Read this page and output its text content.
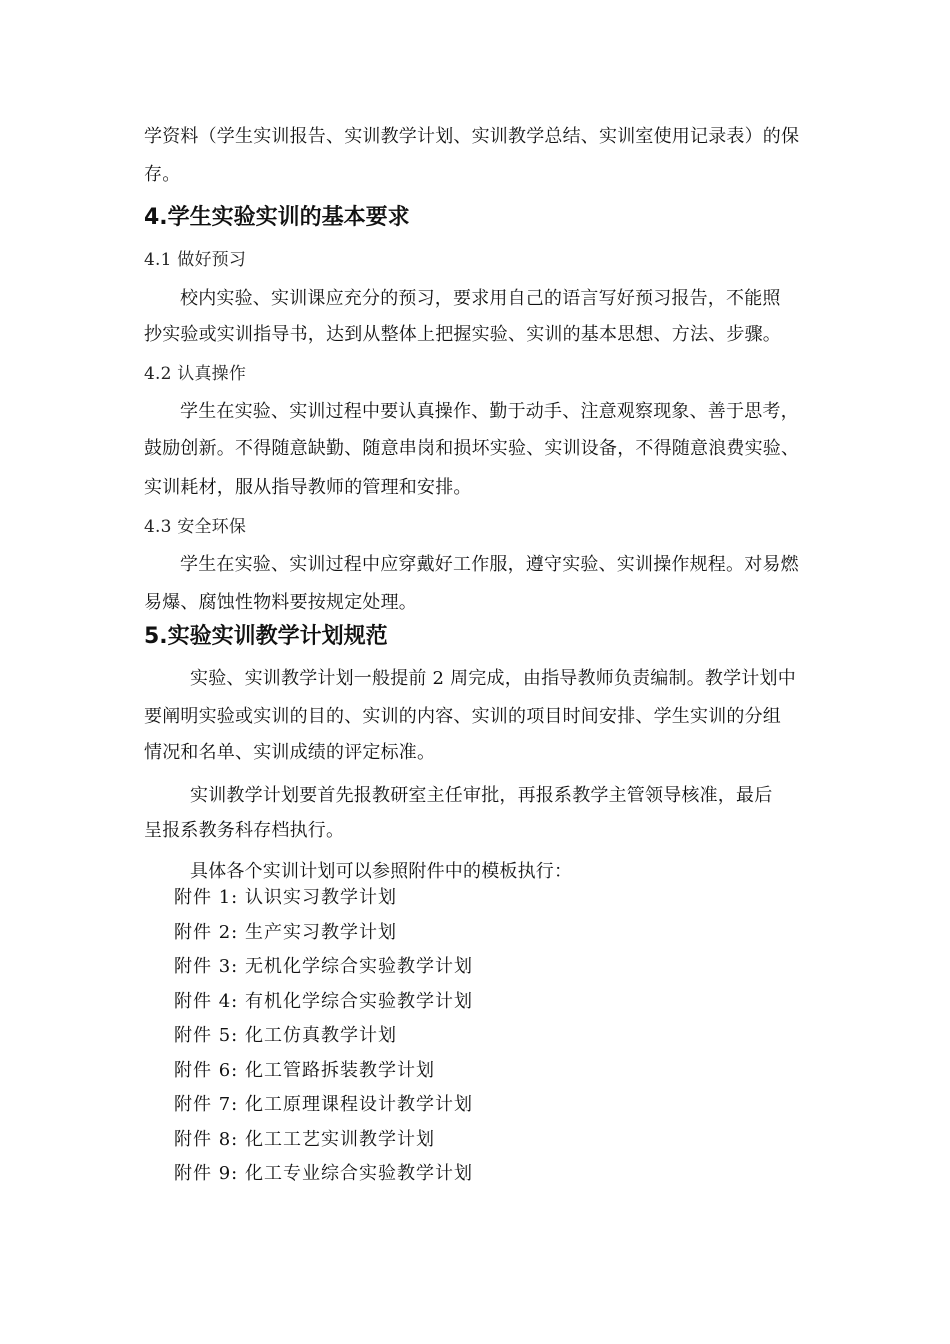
学资料（学生实训报告、实训教学计划、实训教学总结、实训室使用记录表）的保
存。
4.学生实验实训的基本要求
4.1 做好预习
校内实验、实训课应充分的预习，要求用自己的语言写好预习报告，不能照
抄实验或实训指导书，达到从整体上把握实验、实训的基本思想、方法、步骤。
4.2 认真操作
学生在实验、实训过程中要认真操作、勤于动手、注意观察现象、善于思考，
鼓励创新。不得随意缺勤、随意串岗和损坏实验、实训设备，不得随意浪费实验、
实训耗材，服从指导教师的管理和安排。
4.3 安全环保
学生在实验、实训过程中应穿戴好工作服，遵守实验、实训操作规程。对易燃
易爆、腐蚀性物料要按规定处理。
5.实验实训教学计划规范
实验、实训教学计划一般提前 2 周完成，由指导教师负责编制。教学计划中
要阐明实验或实训的目的、实训的内容、实训的项目时间安排、学生实训的分组
情况和名单、实训成绩的评定标准。
实训教学计划要首先报教研室主任审批，再报系教学主管领导核准，最后
呈报系教务科存档执行。
具体各个实训计划可以参照附件中的模板执行：
附件 1: 认识实习教学计划
附件 2: 生产实习教学计划
附件 3: 无机化学综合实验教学计划
附件 4: 有机化学综合实验教学计划
附件 5: 化工仿真教学计划
附件 6: 化工管路拆装教学计划
附件 7: 化工原理课程设计教学计划
附件 8: 化工工艺实训教学计划
附件 9: 化工专业综合实验教学计划
